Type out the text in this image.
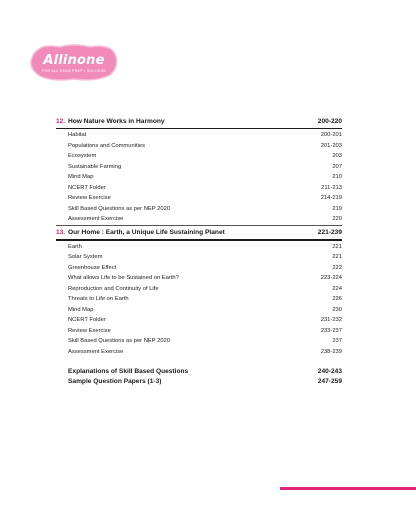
Allinone
FOR ALL EXAM PREP • SUCCESS
12. How Nature Works in Harmony	200-220
Habitat	200-201
Populations and Communities	201-203
Ecosystem	203
Sustainable Farming	207
Mind Map	210
NCERT Folder	211-213
Review Exercise	214-219
Skill Based Questions as per NEP 2020	219
Assessment Exercise	220
13. Our Home : Earth, a Unique Life Sustaining Planet	221-239
Earth	221
Solar System	221
Greenhouse Effect	222
What allows Life to be Sustained on Earth?	223-224
Reproduction and Continuity of Life	224
Threats to Life on Earth	226
Mind Map	230
NCERT Folder	231-232
Review Exercise	233-237
Skill Based Questions as per NEP 2020	237
Assessment Exercise	238-239
Explanations of Skill Based Questions	240-243
Sample Question Papers (1-3)	247-259
